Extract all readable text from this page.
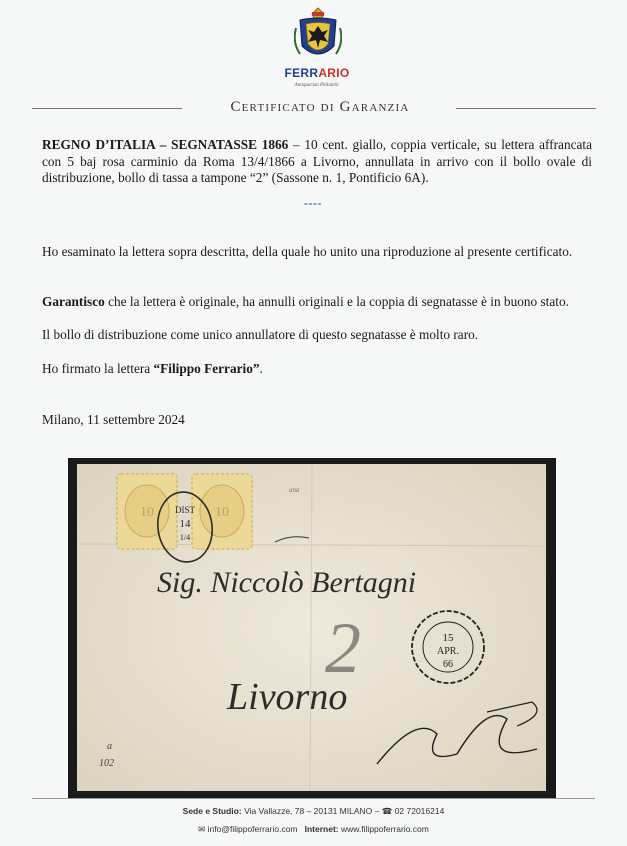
FERRARIO
Antiquarian Philatelic
Certificato di Garanzia
REGNO D’ITALIA – SEGNATASSE 1866 – 10 cent. giallo, coppia verticale, su lettera affrancata con 5 baj rosa carminio da Roma 13/4/1866 a Livorno, annullata in arrivo con il bollo ovale di distribuzione, bollo di tassa a tampone “2” (Sassone n. 1, Pontificio 6A).
----
Ho esaminato la lettera sopra descritta, della quale ho unito una riproduzione al presente certificato.
Garantisco che la lettera è originale, ha annulli originali e la coppia di segnatasse è in buono stato.
Il bollo di distribuzione come unico annullatore di questo segnatasse è molto raro.
Ho firmato la lettera “Filippo Ferrario”.
Milano, 11 settembre 2024
10	10
DIST
14
1/4
ana
Sig. Niccolò Bertagni
Livorno
2	15
APR.
66
a
102
Sede e Studio: Via Vallazze, 78 – 20131 MILANO – ☎ 02 72016214
✉ info@filippoferrario.com Internet: www.filippoferrario.com
